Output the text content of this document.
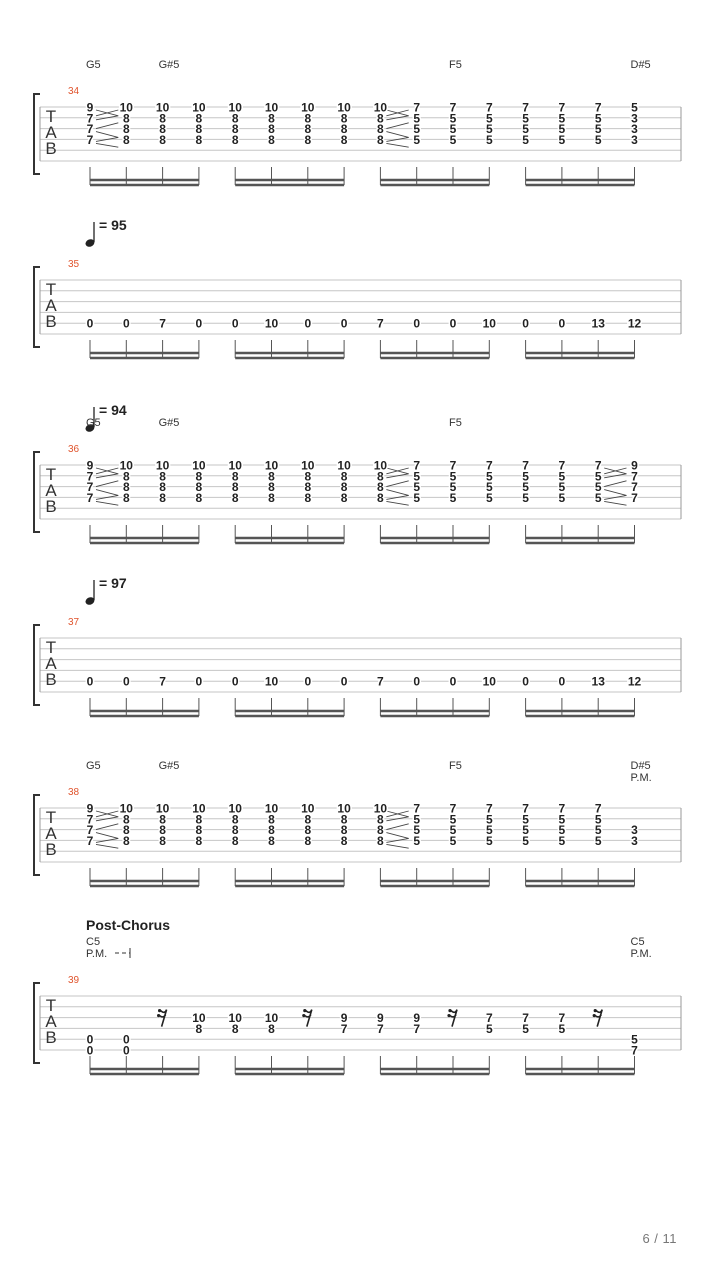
T
A
B
34
G5	G#5	F5	D#5
9
7
7
7
10
8
8
8
10
8
8
8
10
8
8
8
10
8
8
8
10
8
8
8
10
8
8
8
10
8
8
8
10
8
8
8
7
5
5
5
7
5
5
5
7
5
5
5
7
5
5
5
7
5
5
5
7
5
5
5
5
3
3
3
T
A
B
35
= 95
0 0 7 0 0 10 0 0 7 0 0 10 0 0 13 12
T
A
B
36
= 94
G5	G#5	F5
9
7
7
7
10
8
8
8
10
8
8
8
10
8
8
8
10
8
8
8
10
8
8
8
10
8
8
8
10
8
8
8
10
8
8
8
7
5
5
5
7
5
5
5
7
5
5
5
7
5
5
5
7
5
5
5
7
5
5
5
9
7
7
7
T
A
B
37
= 97
0 0 7 0 0 10 0 0 7 0 0 10 0 0 13 12
T
A
B
38
G5	G#5	F5	D#5
P.M.
9
7
7
7
10
8
8
8
10
8
8
8
10
8
8
8
10
8
8
8
10
8
8
8
10
8
8
8
10
8
8
8
10
8
8
8
7
5
5
5
7
5
5
5
7
5
5
5
7
5
5
5
7
5
5
5
7
5
5
5
3
3
T
A
B
39
Post-Chorus
C5	C5
P.M.	P.M.
0
0
0
0
10
8
10
8
10
8
9
7
9
7
9
7
7
5
7
5
7
5
5
7
6 / 11
